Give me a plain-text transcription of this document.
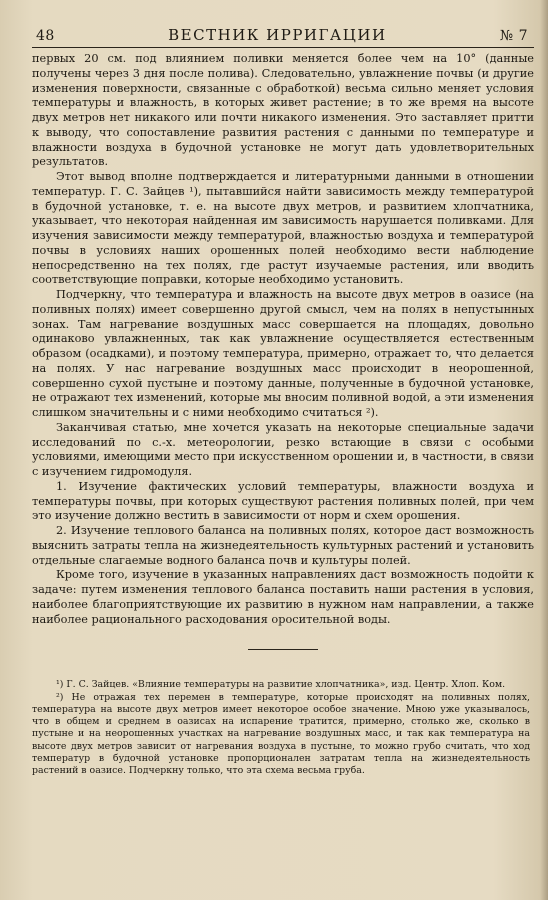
48	ВЕСТНИК ИРРИГАЦИИ	№ 7

первых 20 см. под влиянием поливки меняется более чем на 10° (данные получены через 3 дня после полива). Следовательно, увлажнение почвы (и другие изменения поверхности, связанные с обработкой) весьма сильно меняет условия температуры и влажность, в которых живет растение; в то же время на высоте двух метров нет никакого или почти никакого изменения. Это заставляет притти к выводу, что сопоставление развития растения с данными по температуре и влажности воздуха в будочной установке не могут дать удовлетворительных результатов.

Этот вывод вполне подтверждается и литературными данными в отношении температур. Г. С. Зайцев ¹), пытавшийся найти зависимость между температурой в будочной установке, т. е. на высоте двух метров, и развитием хлопчатника, указывает, что некоторая найденная им зависимость нарушается поливками. Для изучения зависимости между температурой, влажностью воздуха и температурой почвы в условиях наших орошенных полей необходимо вести наблюдение непосредственно на тех полях, где растут изучаемые растения, или вводить соответствующие поправки, которые необходимо установить.

Подчеркну, что температура и влажность на высоте двух метров в оазисе (на поливных полях) имеет совершенно другой смысл, чем на полях в непустынных зонах. Там нагревание воздушных масс совершается на площадях, довольно одинаково увлажненных, так как увлажнение осуществляется естественным образом (осадками), и поэтому температура, примерно, отражает то, что делается на полях. У нас нагревание воздушных масс происходит в неорошенной, совершенно сухой пустыне и поэтому данные, полученные в будочной установке, не отражают тех изменений, которые мы вносим поливной водой, а эти изменения слишком значительны и с ними необходимо считаться ²).

Заканчивая статью, мне хочется указать на некоторые специальные задачи исследований по с.-х. метеорологии, резко встающие в связи с особыми условиями, имеющими место при искусственном орошении и, в частности, в связи с изучением гидромодуля.

1. Изучение фактических условий температуры, влажности воздуха и температуры почвы, при которых существуют растения поливных полей, при чем это изучение должно вестить в зависимости от норм и схем орошения.

2. Изучение теплового баланса на поливных полях, которое даст возможность выяснить затраты тепла на жизнедеятельность культурных растений и установить отдельные слагаемые водного баланса почв и культуры полей.

Кроме того, изучение в указанных направлениях даст возможность подойти к задаче: путем изменения теплового баланса поставить наши растения в условия, наиболее благоприятствующие их развитию в нужном нам направлении, а также наиболее рационального расходования оросительной воды.

¹) Г. С. Зайцев. «Влияние температуры на развитие хлопчатника», изд. Центр. Хлоп. Ком.

²) Не отражая тех перемен в температуре, которые происходят на поливных полях, температура на высоте двух метров имеет некоторое особое значение. Мною уже указывалось, что в общем и среднем в оазисах на испарение тратится, примерно, столько же, сколько в пустыне и на неорошенных участках на нагревание воздушных масс, и так как температура на высоте двух метров зависит от нагревания воздуха в пустыне, то можно грубо считать, что ход температур в будочной установке пропорционален затратам тепла на жизнедеятельность растений в оазисе. Подчеркну только, что эта схема весьма груба.
